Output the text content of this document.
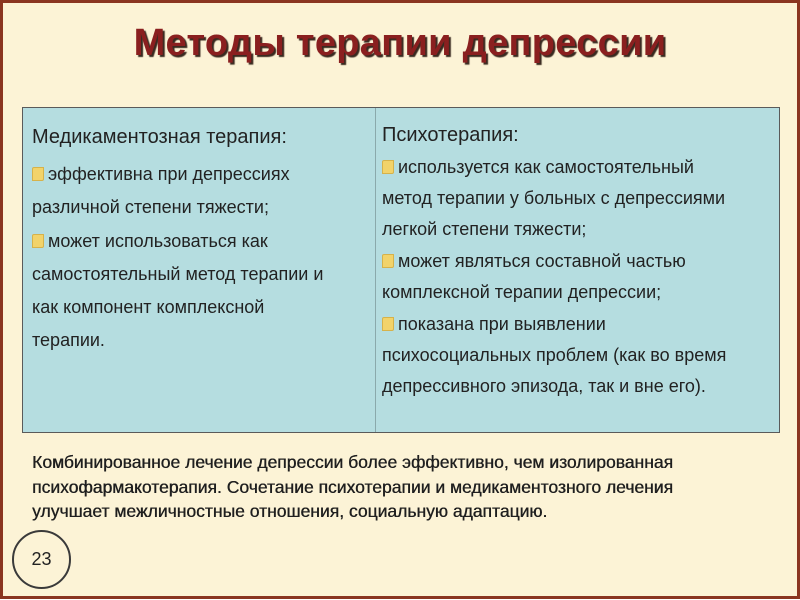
Методы терапии депрессии
Медикаментозная терапия:
эффективна при депрессиях
различной степени тяжести;
может использоваться как
самостоятельный метод терапии и
как компонент комплексной
терапии.
Психотерапия:
используется как самостоятельный
метод терапии у больных с депрессиями
легкой степени тяжести;
может являться составной частью
комплексной терапии депрессии;
показана при выявлении
психосоциальных проблем (как во время
депрессивного эпизода, так и вне его).
Комбинированное лечение депрессии более эффективно, чем изолированная
психофармакотерапия. Сочетание психотерапии и медикаментозного лечения
улучшает межличностные отношения, социальную адаптацию.
23
